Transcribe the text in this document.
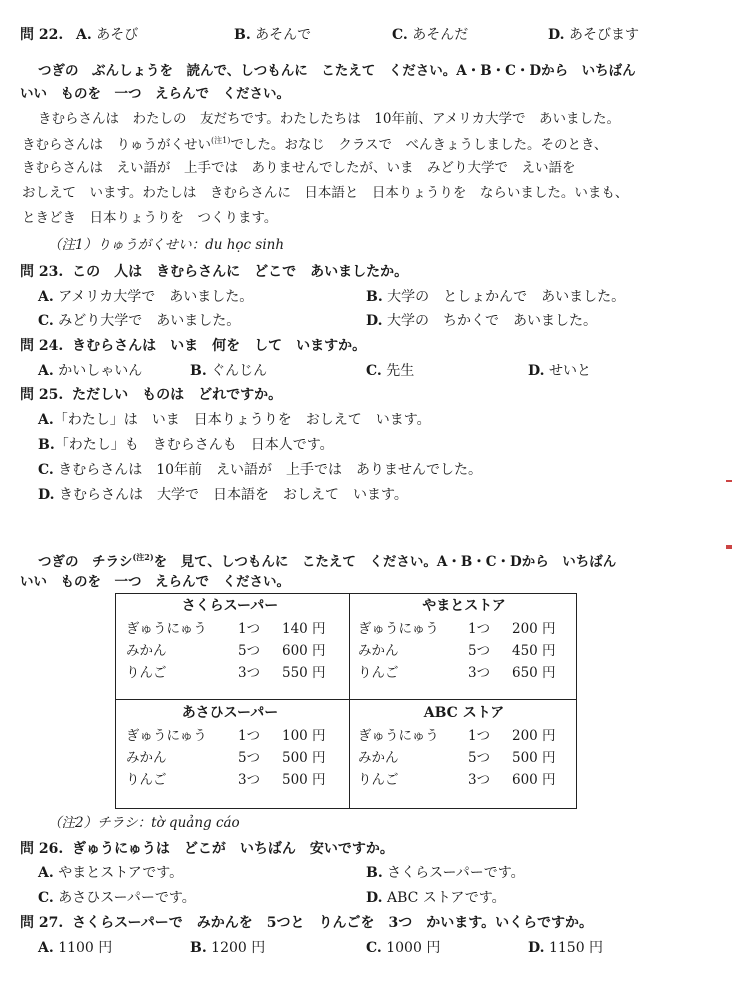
問 22. A. あそび	B. あそんで	C. あそんだ	D. あそびます
つぎの　ぶんしょうを　読んで、しつもんに　こたえて　ください。A・B・C・Dから　いちばん
いい　ものを　一つ　えらんで　ください。
きむらさんは　わたしの　友だちです。わたしたちは　10年前、アメリカ大学で　あいました。
きむらさんは　りゅうがくせい$^{(注1)}$でした。おなじ　クラスで　べんきょうしました。そのとき、
きむらさんは　えい語が　上手では　ありませんでしたが、いま　みどり大学で　えい語を
おしえて　います。わたしは　きむらさんに　日本語と　日本りょうりを　ならいました。いまも、
ときどき　日本りょうりを　つくります。
（注1）りゅうがくせい：du học sinh
問 23. この　人は　きむらさんに　どこで　あいましたか。
A. アメリカ大学で　あいました。	B. 大学の　としょかんで　あいました。
C. みどり大学で　あいました。	D. 大学の　ちかくで　あいました。
問 24. きむらさんは　いま　何を　して　いますか。
A. かいしゃいん	B. ぐんじん	C. 先生	D. せいと
問 25. ただしい　ものは　どれですか。
A.「わたし」は　いま　日本りょうりを　おしえて　います。
B.「わたし」も　きむらさんも　日本人です。
C. きむらさんは　10年前　えい語が　上手では　ありませんでした。
D. きむらさんは　大学で　日本語を　おしえて　います。
つぎの　チラシ$^{(注2)}$を　見て、しつもんに　こたえて　ください。A・B・C・Dから　いちばん
いい　ものを　一つ　えらんで　ください。
さくらスーパー
ぎゅうにゅう 1つ 140 円
みかん	5つ 600 円
りんご	3つ 550 円
やまとストア
ぎゅうにゅう 1つ 200 円
みかん	5つ 450 円
りんご	3つ 650 円
あさひスーパー
ぎゅうにゅう 1つ 100 円
みかん	5つ 500 円
りんご	3つ 500 円
ABC ストア
ぎゅうにゅう 1つ 200 円
みかん	5つ 500 円
りんご	3つ 600 円
（注2）チラシ：tờ quảng cáo
問 26. ぎゅうにゅうは　どこが　いちばん　安いですか。
A. やまとストアです。	B. さくらスーパーです。
C. あさひスーパーです。	D. ABC ストアです。
問 27. さくらスーパーで　みかんを　5つと　りんごを　3つ　かいます。いくらですか。
A. 1100 円	B. 1200 円	C. 1000 円	D. 1150 円
